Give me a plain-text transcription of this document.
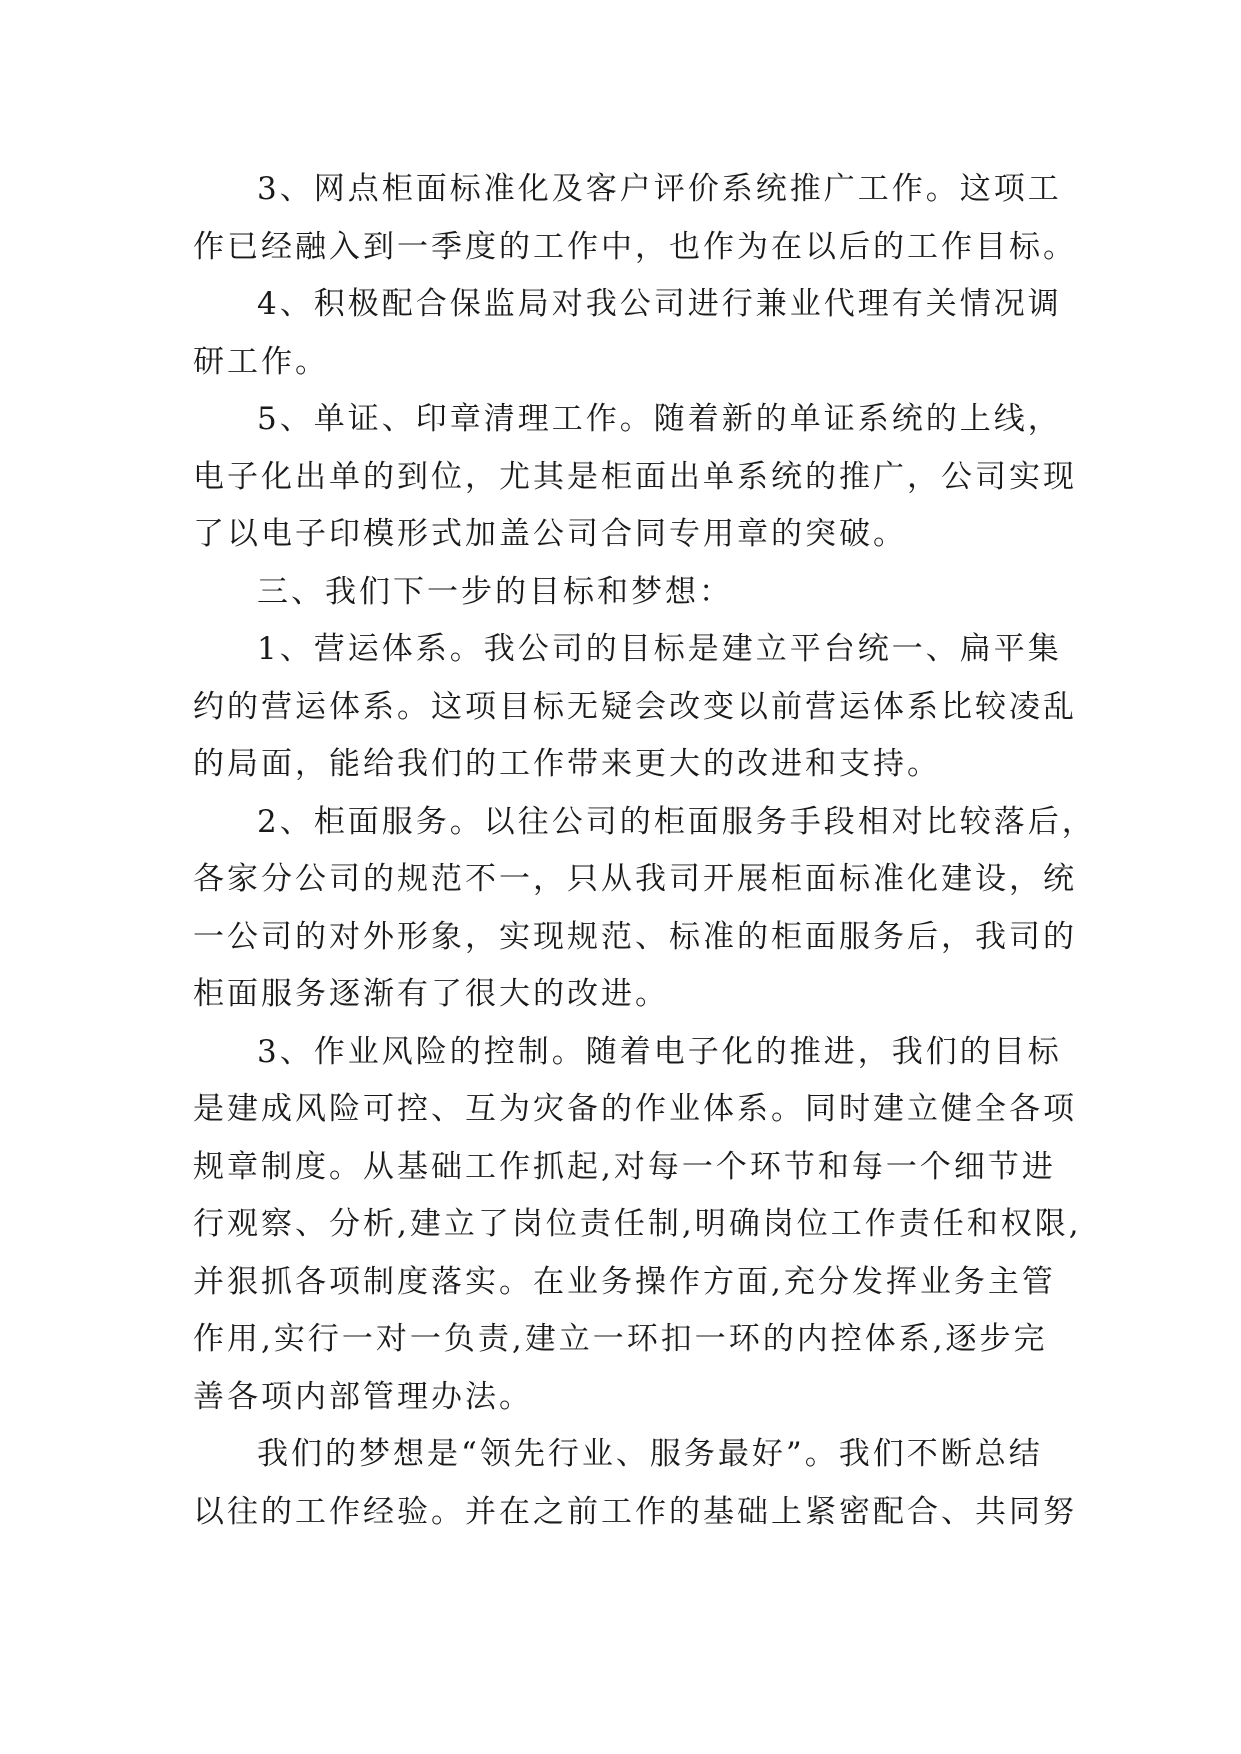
3、网点柜面标准化及客户评价系统推广工作。这项工
作已经融入到一季度的工作中，也作为在以后的工作目标。
4、积极配合保监局对我公司进行兼业代理有关情况调
研工作。
5、单证、印章清理工作。随着新的单证系统的上线，
电子化出单的到位，尤其是柜面出单系统的推广，公司实现
了以电子印模形式加盖公司合同专用章的突破。
三、我们下一步的目标和梦想：
1、营运体系。我公司的目标是建立平台统一、扁平集
约的营运体系。这项目标无疑会改变以前营运体系比较凌乱
的局面，能给我们的工作带来更大的改进和支持。
2、柜面服务。以往公司的柜面服务手段相对比较落后，
各家分公司的规范不一，只从我司开展柜面标准化建设，统
一公司的对外形象，实现规范、标准的柜面服务后，我司的
柜面服务逐渐有了很大的改进。
3、作业风险的控制。随着电子化的推进，我们的目标
是建成风险可控、互为灾备的作业体系。同时建立健全各项
规章制度。从基础工作抓起,对每一个环节和每一个细节进
行观察、分析,建立了岗位责任制,明确岗位工作责任和权限,
并狠抓各项制度落实。在业务操作方面,充分发挥业务主管
作用,实行一对一负责,建立一环扣一环的内控体系,逐步完
善各项内部管理办法。
我们的梦想是“领先行业、服务最好”。我们不断总结
以往的工作经验。并在之前工作的基础上紧密配合、共同努
